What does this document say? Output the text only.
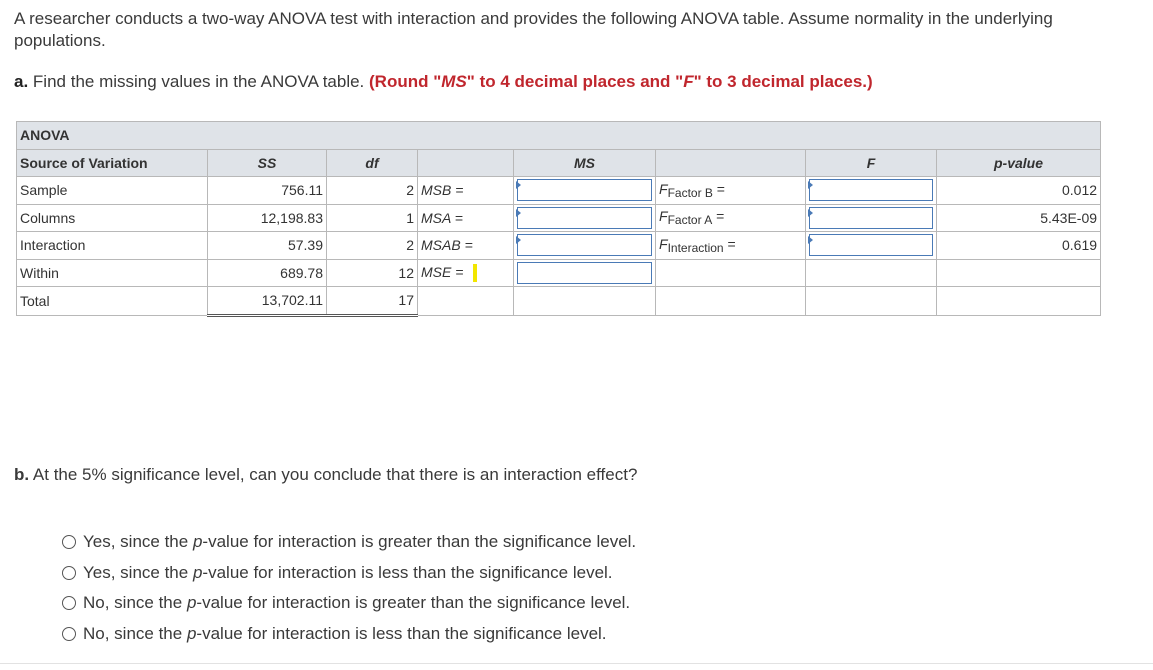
A researcher conducts a two-way ANOVA test with interaction and provides the following ANOVA table. Assume normality in the underlying populations.
a. Find the missing values in the ANOVA table. (Round "MS" to 4 decimal places and "F" to 3 decimal places.)
ANOVA							
Source of Variation	SS	df		MS		F	p-value
Sample	756.11	2	MSB =		$F_{Factor B}$ =		0.012
Columns	12,198.83	1	MSA =		$F_{Factor A}$ =		5.43E-09
Interaction	57.39	2	MSAB =		$F_{Interaction}$ =		0.619
Within	689.78	12	MSE =	

Total	13,702.11	17					
b. At the 5% significance level, can you conclude that there is an interaction effect?
Yes, since the p-value for interaction is greater than the significance level.
Yes, since the p-value for interaction is less than the significance level.
No, since the p-value for interaction is greater than the significance level.
No, since the p-value for interaction is less than the significance level.
